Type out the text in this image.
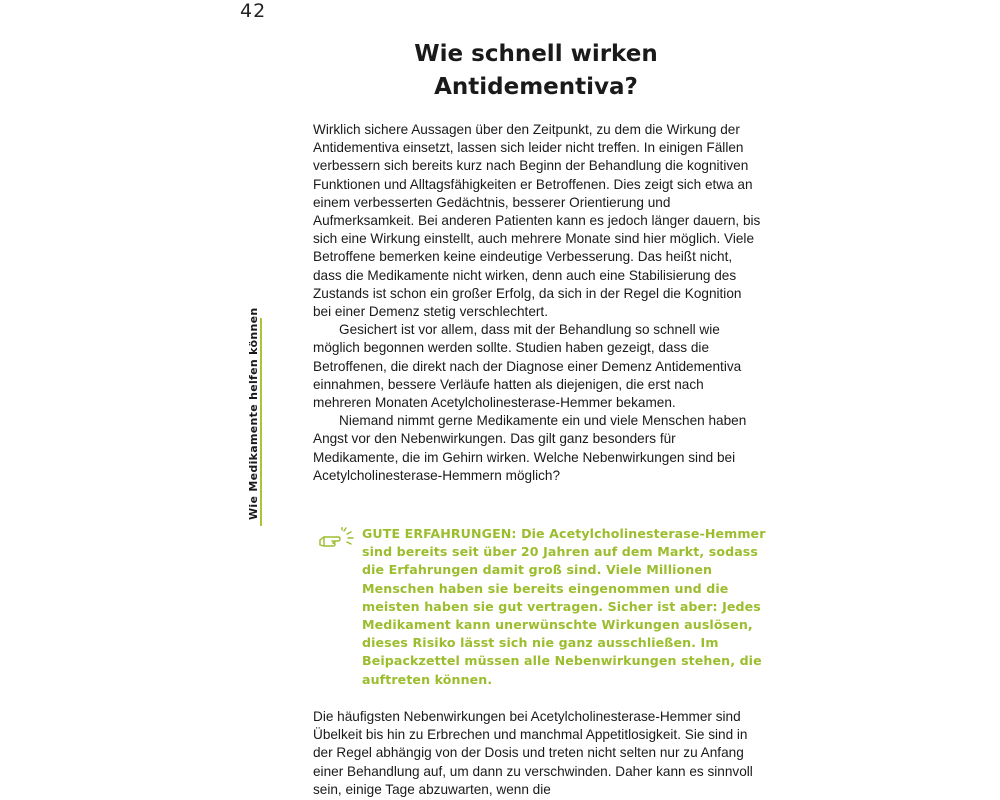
42
Wie schnell wirken
Antidementiva?
Wie Medikamente helfen können

Wirklich sichere Aussagen über den Zeitpunkt, zu dem die Wirkung der Antidementiva einsetzt, lassen sich leider nicht treffen. In einigen Fällen verbessern sich bereits kurz nach Beginn der Behandlung die kognitiven Funktionen und Alltagsfähigkeiten er Betroffenen. Dies zeigt sich etwa an einem verbesserten Gedächtnis, besserer Orientierung und Aufmerksamkeit. Bei anderen Patienten kann es jedoch länger dauern, bis sich eine Wirkung einstellt, auch mehrere Monate sind hier möglich. Viele Betroffene bemerken keine eindeutige Verbesserung. Das heißt nicht, dass die Medikamente nicht wirken, denn auch eine Stabilisierung des Zustands ist schon ein großer Erfolg, da sich in der Regel die Kognition bei einer Demenz stetig verschlechtert.

Gesichert ist vor allem, dass mit der Behandlung so schnell wie möglich begonnen werden sollte. Studien haben gezeigt, dass die Betroffenen, die direkt nach der Diagnose einer Demenz Antidementiva einnahmen, bessere Verläufe hatten als diejenigen, die erst nach mehreren Monaten Acetylcholinesterase-Hemmer bekamen.

Niemand nimmt gerne Medikamente ein und viele Menschen haben Angst vor den Nebenwirkungen. Das gilt ganz besonders für Medikamente, die im Gehirn wirken. Welche Nebenwirkungen sind bei Acetylcholinesterase-Hemmern möglich?

GUTE ERFAHRUNGEN: Die Acetylcholinesterase-Hemmer sind bereits seit über 20 Jahren auf dem Markt, sodass die Erfahrungen damit groß sind. Viele Millionen Menschen haben sie bereits eingenommen und die meisten haben sie gut vertragen. Sicher ist aber: Jedes Medikament kann unerwünschte Wirkungen auslösen, dieses Risiko lässt sich nie ganz ausschließen. Im Beipackzettel müssen alle Nebenwirkungen stehen, die auftreten können.

Die häufigsten Nebenwirkungen bei Acetylcholinesterase-Hemmer sind Übelkeit bis hin zu Erbrechen und manchmal Appetitlosigkeit. Sie sind in der Regel abhängig von der Dosis und treten nicht selten nur zu Anfang einer Behandlung auf, um dann zu verschwinden. Daher kann es sinnvoll sein, einige Tage abzuwarten, wenn die
